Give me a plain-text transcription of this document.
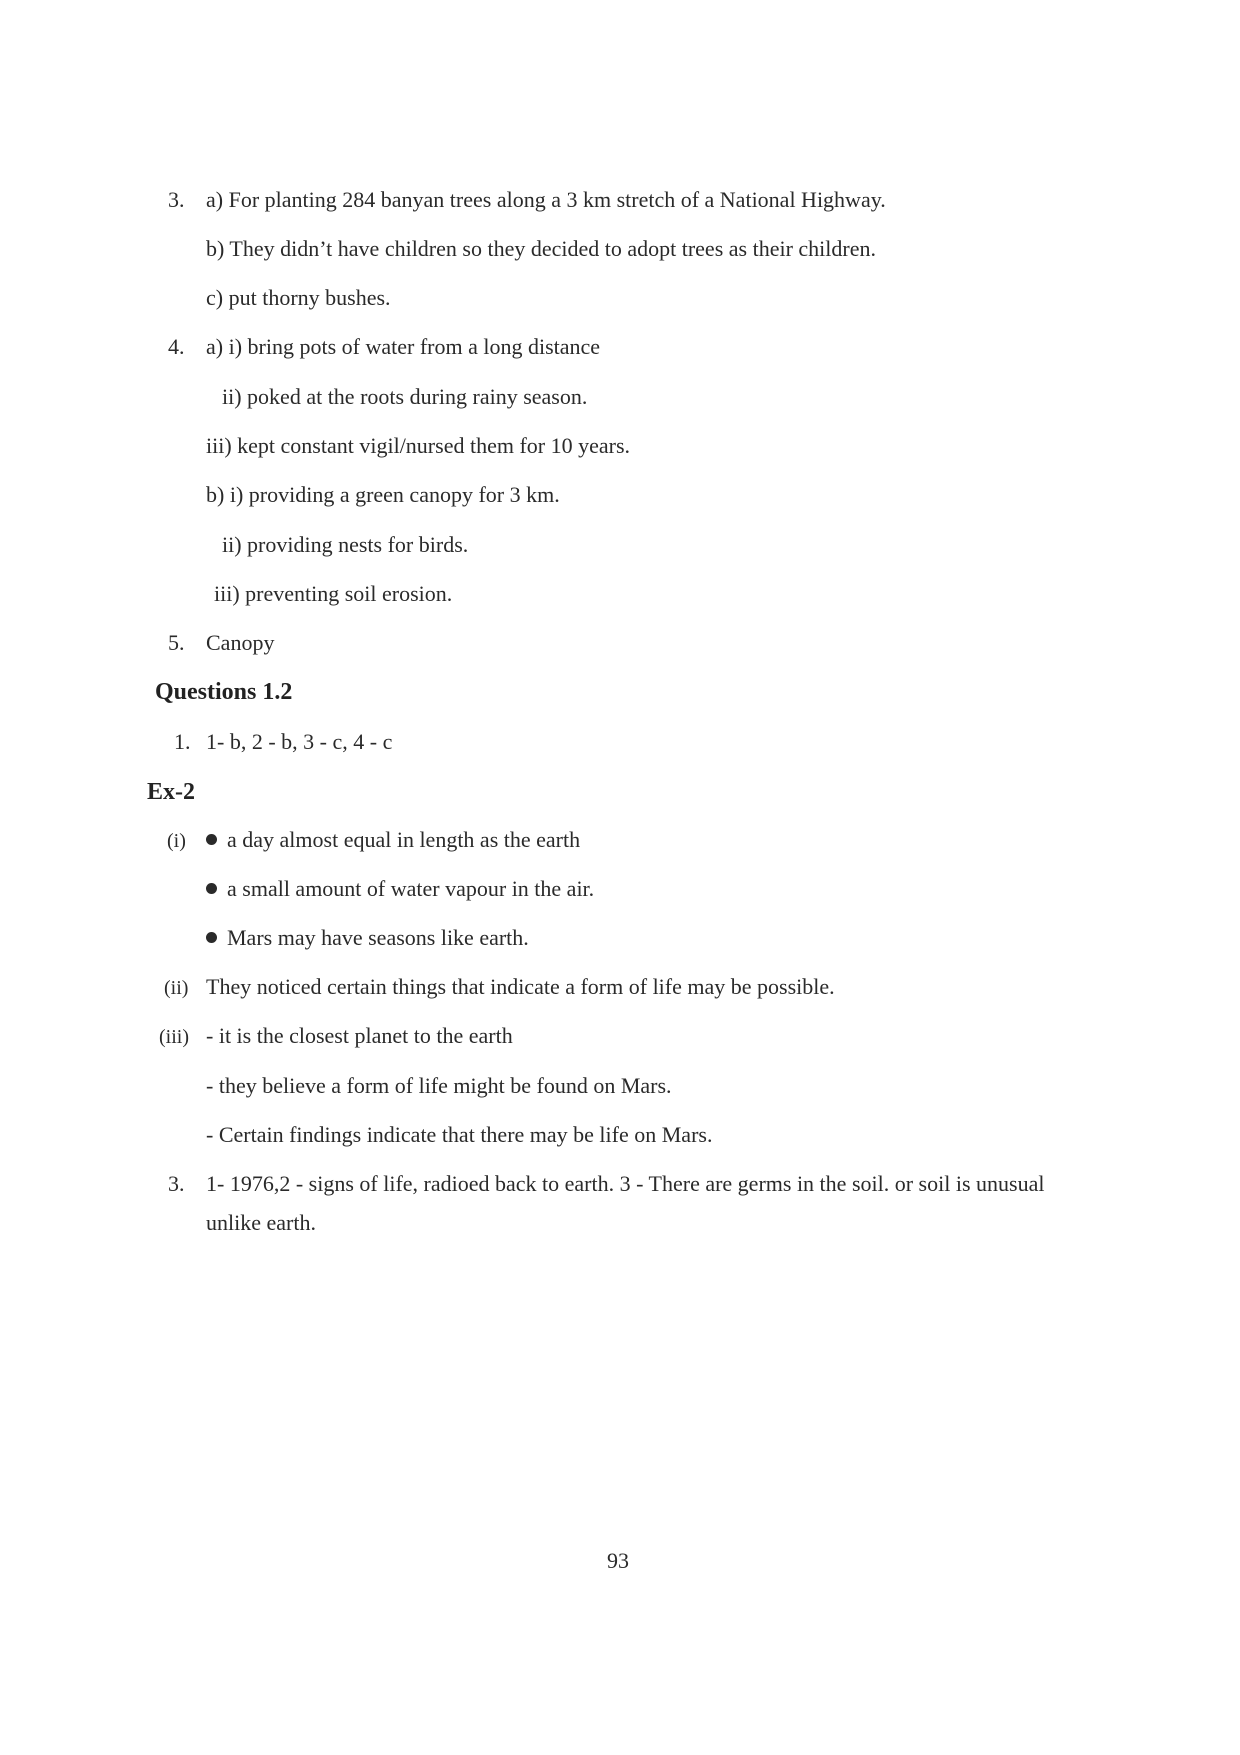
3. a) For planting 284 banyan trees along a 3 km stretch of a National Highway.
b) They didn’t have children so they decided to adopt trees as their children.
c) put thorny bushes.
4. a) i) bring pots of water from a long distance
ii) poked at the roots during rainy season.
iii) kept constant vigil/nursed them for 10 years.
b) i) providing a green canopy for 3 km.
ii) providing nests for birds.
iii) preventing soil erosion.
5. Canopy
Questions 1.2
1. 1- b, 2 - b, 3 - c, 4 - c
Ex-2
(i)	a day almost equal in length as the earth
a small amount of water vapour in the air.
Mars may have seasons like earth.
(ii) They noticed certain things that indicate a form of life may be possible.
(iii) - it is the closest planet to the earth
- they believe a form of life might be found on Mars.
- Certain findings indicate that there may be life on Mars.
3. 1- 1976,2 - signs of life, radioed back to earth. 3 - There are germs in the soil. or soil is unusual
unlike earth.
93
